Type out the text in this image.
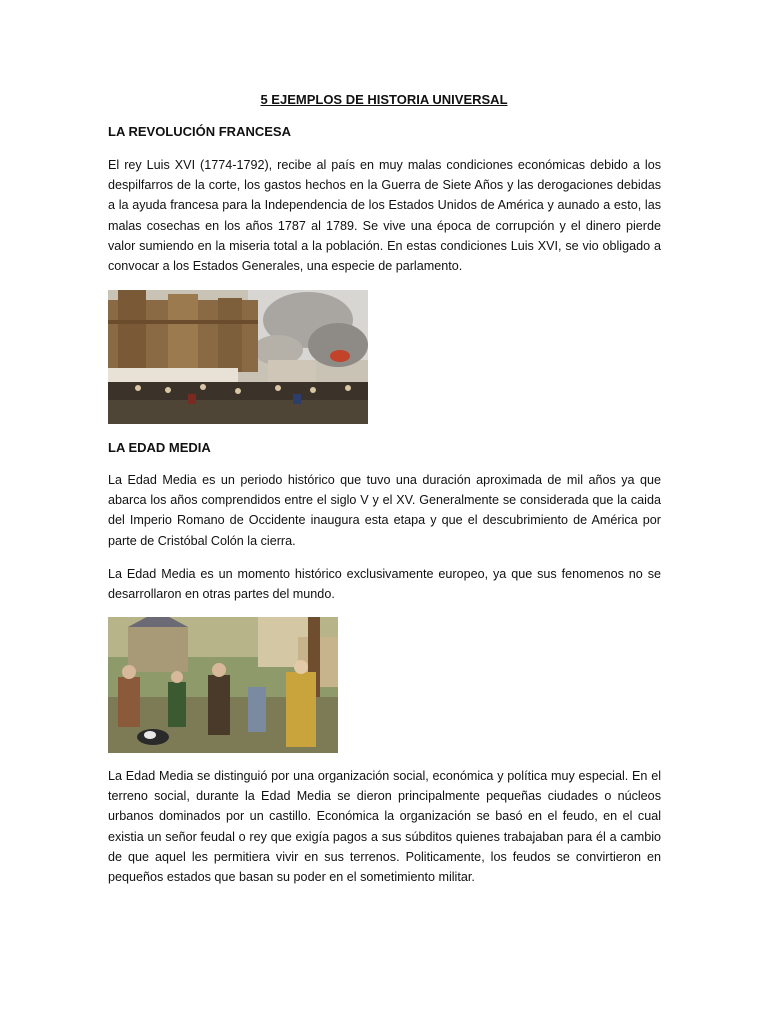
5 EJEMPLOS DE HISTORIA UNIVERSAL
LA REVOLUCIÓN FRANCESA
El rey Luis XVI (1774-1792), recibe al país en muy malas condiciones económicas debido a los despilfarros de la corte, los gastos hechos en la Guerra de Siete Años y las derogaciones debidas a la ayuda francesa para la Independencia de los Estados Unidos de América y aunado a esto, las malas cosechas en los años 1787 al 1789. Se vive una época de corrupción y el dinero pierde valor sumiendo en la miseria total a la población. En estas condiciones Luis XVI, se vio obligado a convocar a los Estados Generales, una especie de parlamento.
LA EDAD MEDIA
La Edad Media es un periodo histórico que tuvo una duración aproximada de mil años ya que abarca los años comprendidos entre el siglo V y el XV. Generalmente se considerada que la caida del Imperio Romano de Occidente inaugura esta etapa y que el descubrimiento de América por parte de Cristóbal Colón la cierra.
La Edad Media es un momento histórico exclusivamente europeo, ya que sus fenomenos no se desarrollaron en otras partes del mundo.
La Edad Media se distinguió por una organización social, económica y política muy especial. En el terreno social, durante la Edad Media se dieron principalmente pequeñas ciudades o núcleos urbanos dominados por un castillo. Económica la organización se basó en el feudo, en el cual existia un señor feudal o rey que exigía pagos a sus súbditos quienes trabajaban para él a cambio de que aquel les permitiera vivir en sus terrenos. Politicamente, los feudos se convirtieron en pequeños estados que basan su poder en el sometimiento militar.
